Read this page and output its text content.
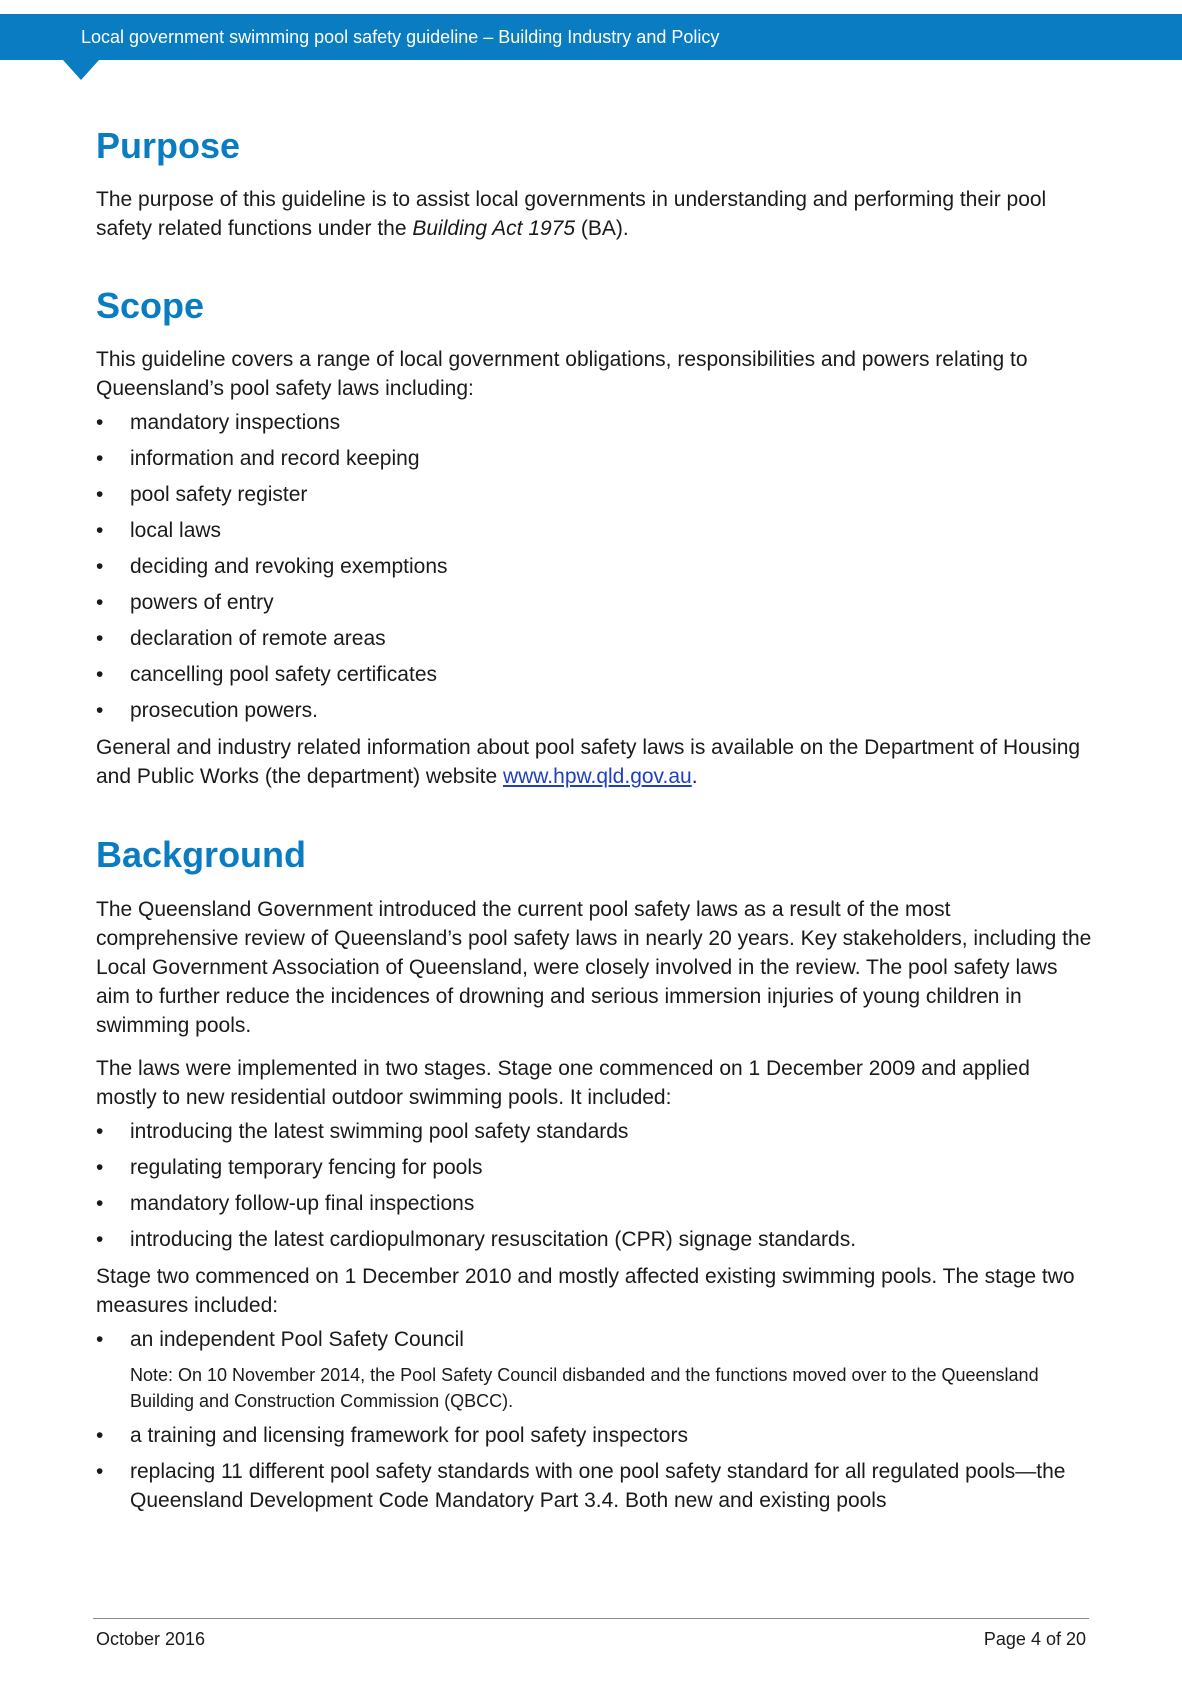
Local government swimming pool safety guideline – Building Industry and Policy
Purpose

The purpose of this guideline is to assist local governments in understanding and performing their pool safety related functions under the Building Act 1975 (BA).

Scope

This guideline covers a range of local government obligations, responsibilities and powers relating to Queensland’s pool safety laws including:

• mandatory inspections
• information and record keeping
• pool safety register
• local laws
• deciding and revoking exemptions
• powers of entry
• declaration of remote areas
• cancelling pool safety certificates
• prosecution powers.

General and industry related information about pool safety laws is available on the Department of Housing and Public Works (the department) website www.hpw.qld.gov.au.

Background

The Queensland Government introduced the current pool safety laws as a result of the most comprehensive review of Queensland’s pool safety laws in nearly 20 years. Key stakeholders, including the Local Government Association of Queensland, were closely involved in the review. The pool safety laws aim to further reduce the incidences of drowning and serious immersion injuries of young children in swimming pools.

The laws were implemented in two stages. Stage one commenced on 1 December 2009 and applied mostly to new residential outdoor swimming pools. It included:

• introducing the latest swimming pool safety standards
• regulating temporary fencing for pools
• mandatory follow-up final inspections
• introducing the latest cardiopulmonary resuscitation (CPR) signage standards.

Stage two commenced on 1 December 2010 and mostly affected existing swimming pools. The stage two measures included:

• an independent Pool Safety Council
Note: On 10 November 2014, the Pool Safety Council disbanded and the functions moved over to the Queensland Building and Construction Commission (QBCC).
• a training and licensing framework for pool safety inspectors
• replacing 11 different pool safety standards with one pool safety standard for all regulated pools—the Queensland Development Code Mandatory Part 3.4. Both new and existing pools
October 2016	Page 4 of 20
